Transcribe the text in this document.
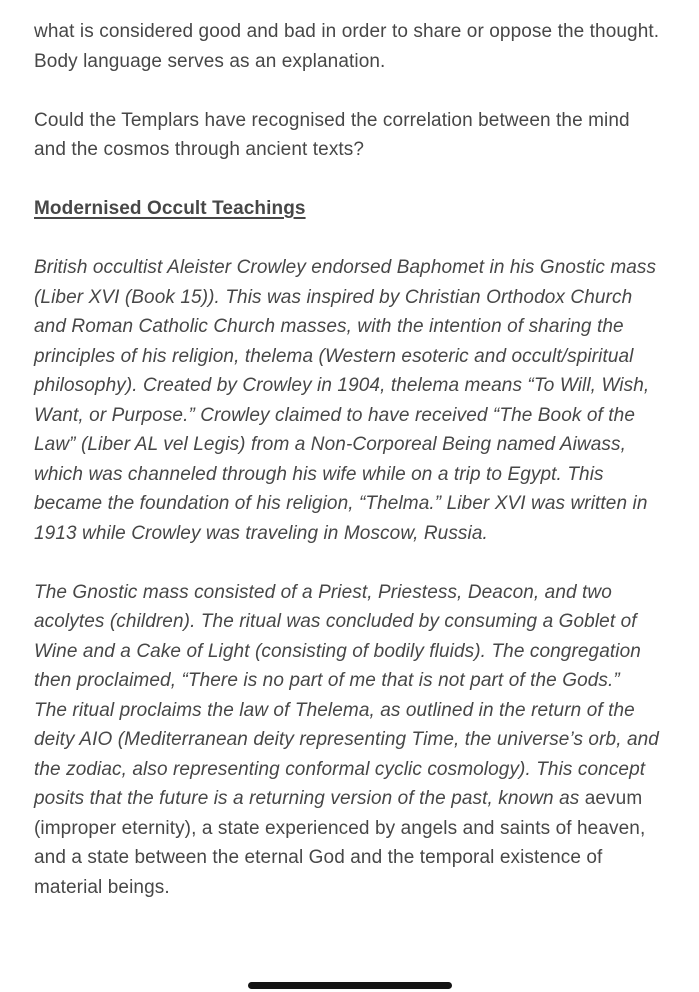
what is considered good and bad in order to share or oppose the thought. Body language serves as an explanation.

Could the Templars have recognised the correlation between the mind and the cosmos through ancient texts?

Modernised Occult Teachings

British occultist Aleister Crowley endorsed Baphomet in his Gnostic mass (Liber XVI (Book 15)). This was inspired by Christian Orthodox Church and Roman Catholic Church masses, with the intention of sharing the principles of his religion, thelema (Western esoteric and occult/spiritual philosophy). Created by Crowley in 1904, thelema means “To Will, Wish, Want, or Purpose.” Crowley claimed to have received “The Book of the Law” (Liber AL vel Legis) from a Non-Corporeal Being named Aiwass, which was channeled through his wife while on a trip to Egypt. This became the foundation of his religion, “Thelma.” Liber XVI was written in 1913 while Crowley was traveling in Moscow, Russia.

The Gnostic mass consisted of a Priest, Priestess, Deacon, and two acolytes (children). The ritual was concluded by consuming a Goblet of Wine and a Cake of Light (consisting of bodily fluids). The congregation then proclaimed, “There is no part of me that is not part of the Gods.”

The ritual proclaims the law of Thelema, as outlined in the return of the deity AIO (Mediterranean deity representing Time, the universe’s orb, and the zodiac, also representing conformal cyclic cosmology). This concept posits that the future is a returning version of the past, known as aevum (improper eternity), a state experienced by angels and saints of heaven, and a state between the eternal God and the temporal existence of material beings.
